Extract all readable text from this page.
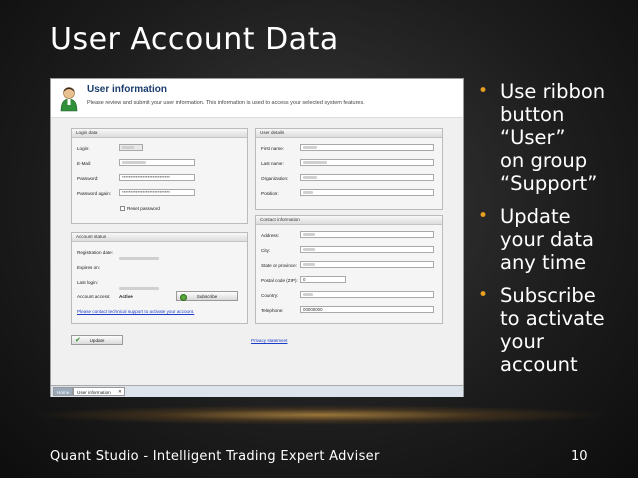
User Account Data
User information
Please review and submit your user information. This information is used to access your selected system features.
Login data
Login:
E-Mail:
Password:	****************************
Password again:	****************************
Reset password
Account status
Registration date:
Expires on:
Last login:
Account access: Active	Subscribe
Please contact technical support to activate your account.
User details
First name:
Last name:
Organization:
Position:
Contact information
Address:
City:
State or province:
Postal code (ZIP):	0
Country:
Telephone:	00000000
✔ Update	Privacy statement
Home	User information	✕
• Use ribbon
button
“User”
on group
“Support”
• Update
your data
any time
• Subscribe
to activate
your
account
Quant Studio - Intelligent Trading Expert Adviser	10
